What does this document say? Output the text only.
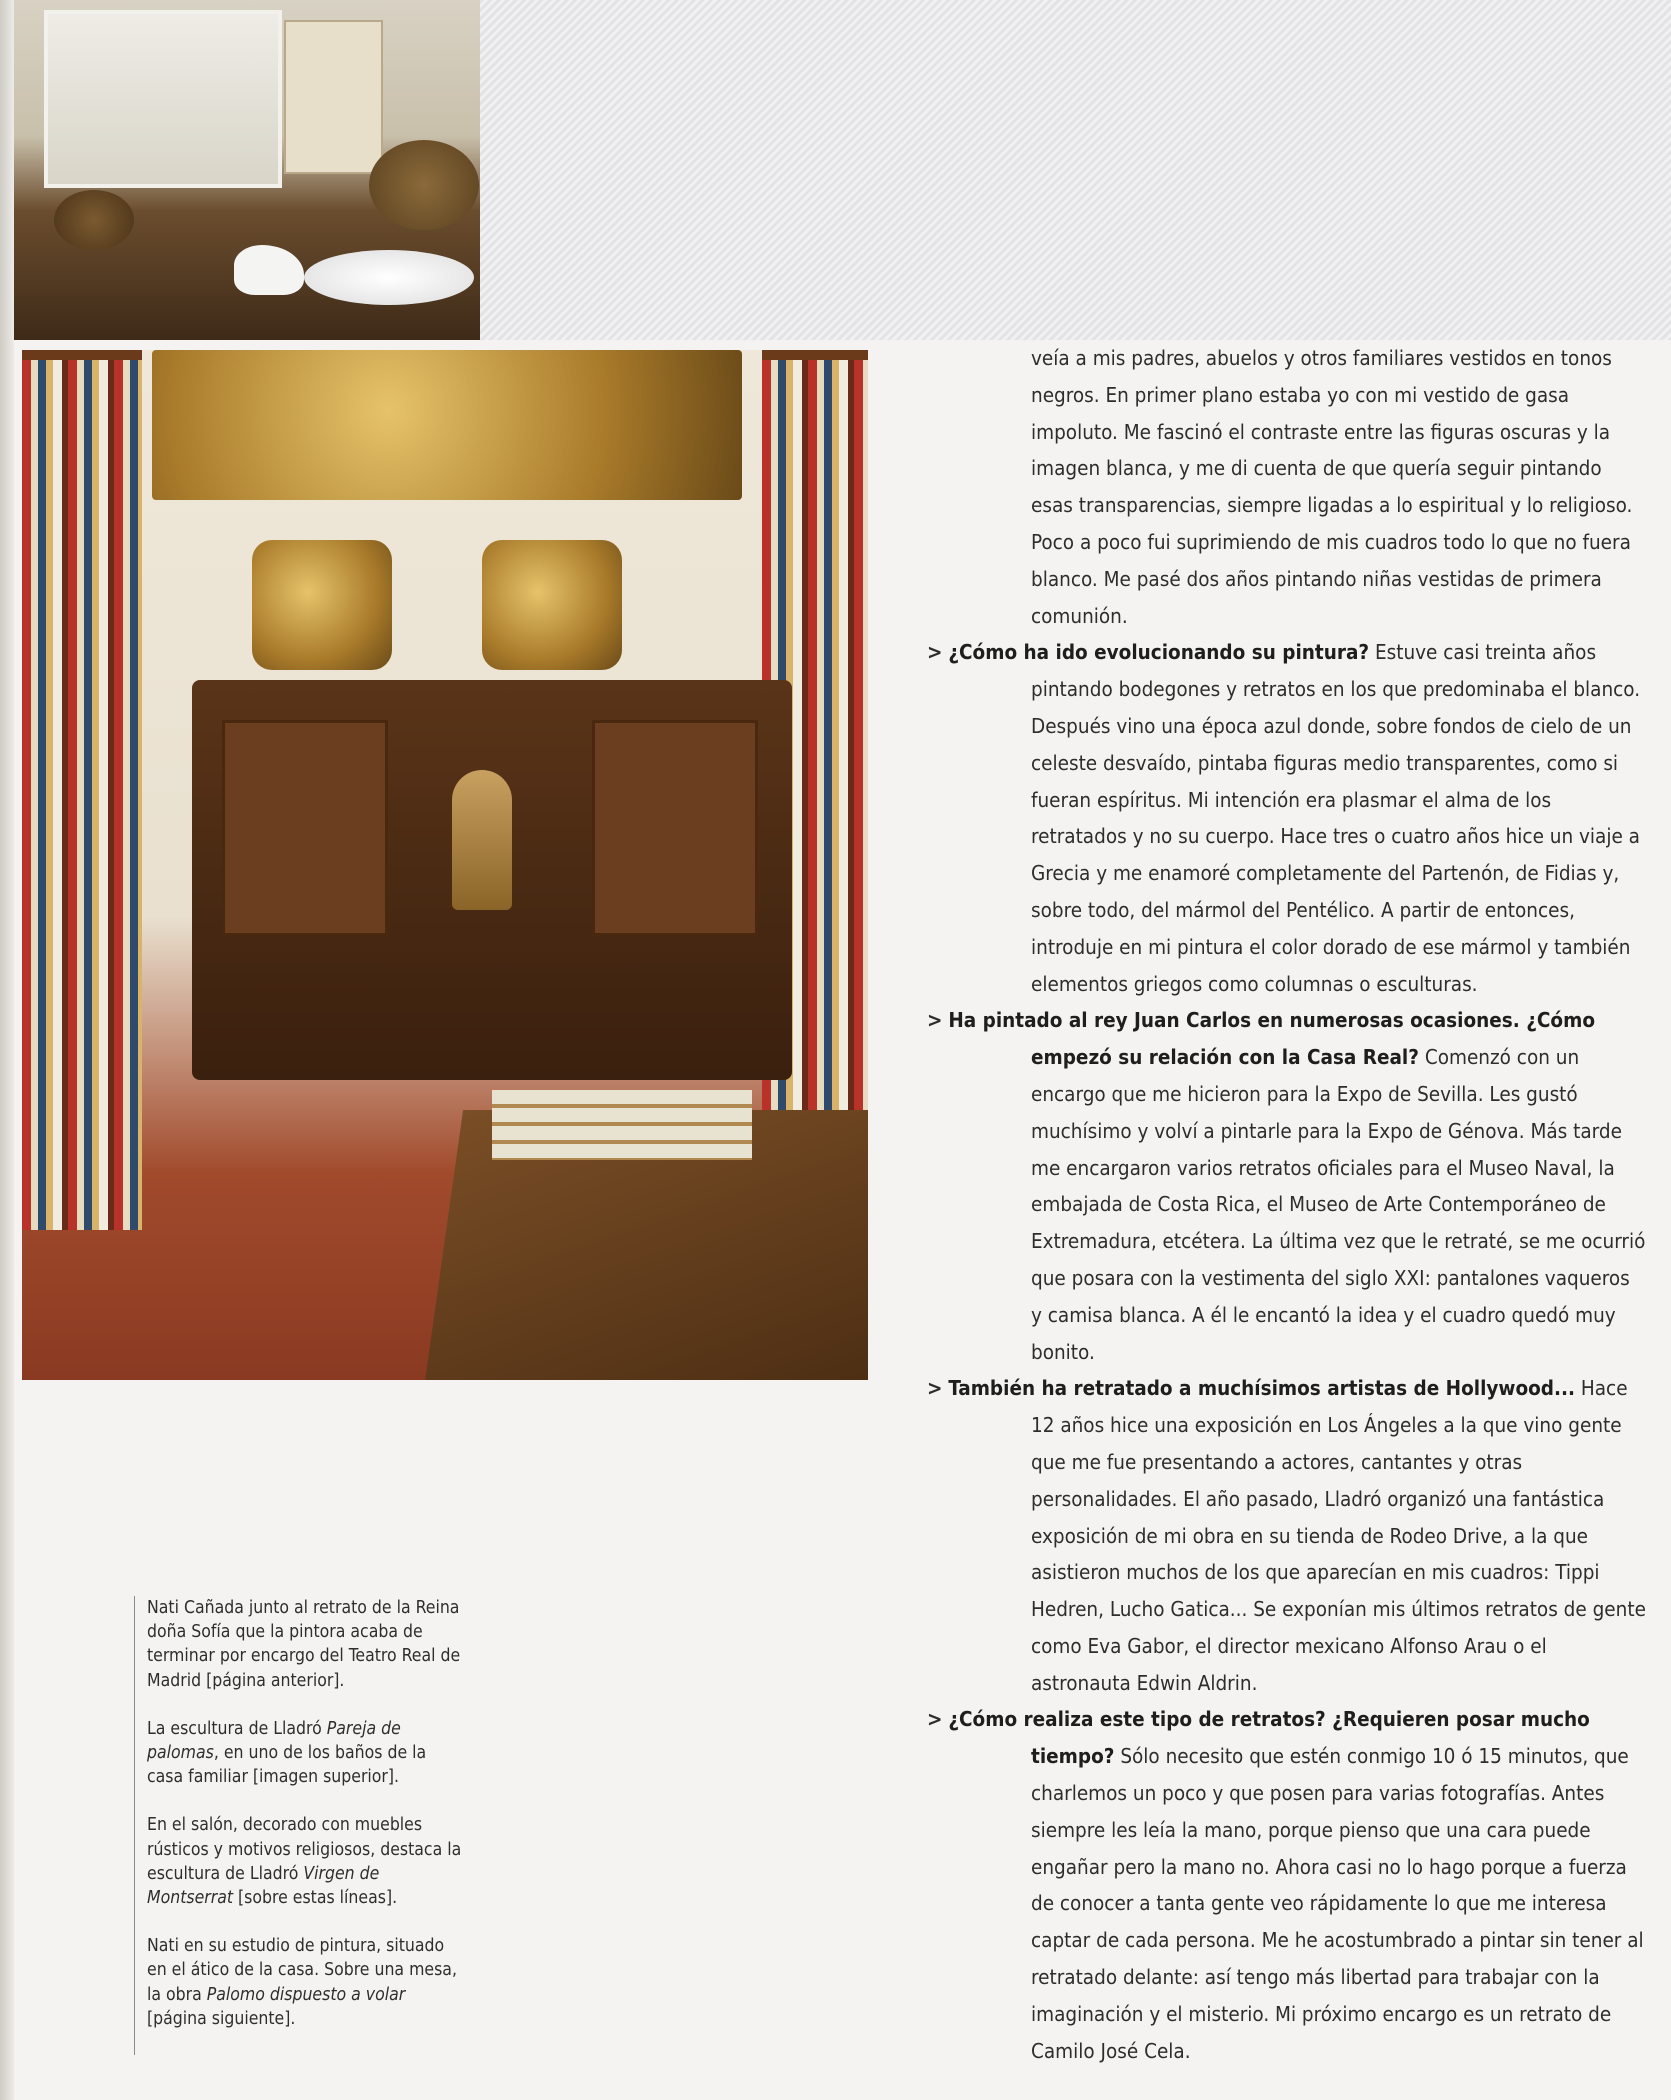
veía a mis padres, abuelos y otros familiares vestidos en tonos negros. En primer plano estaba yo con mi vestido de gasa impoluto. Me fascinó el contraste entre las figuras oscuras y la imagen blanca, y me di cuenta de que quería seguir pintando esas transparencias, siempre ligadas a lo espiritual y lo religioso. Poco a poco fui suprimiendo de mis cuadros todo lo que no fuera blanco. Me pasé dos años pintando niñas vestidas de primera comunión.

> ¿Cómo ha ido evolucionando su pintura? Estuve casi treinta años pintando bodegones y retratos en los que predominaba el blanco. Después vino una época azul donde, sobre fondos de cielo de un celeste desvaído, pintaba figuras medio transparentes, como si fueran espíritus. Mi intención era plasmar el alma de los retratados y no su cuerpo. Hace tres o cuatro años hice un viaje a Grecia y me enamoré completamente del Partenón, de Fidias y, sobre todo, del mármol del Pentélico. A partir de entonces, introduje en mi pintura el color dorado de ese mármol y también elementos griegos como columnas o esculturas.

> Ha pintado al rey Juan Carlos en numerosas ocasiones. ¿Cómo empezó su relación con la Casa Real? Comenzó con un encargo que me hicieron para la Expo de Sevilla. Les gustó muchísimo y volví a pintarle para la Expo de Génova. Más tarde me encargaron varios retratos oficiales para el Museo Naval, la embajada de Costa Rica, el Museo de Arte Contemporáneo de Extremadura, etcétera. La última vez que le retraté, se me ocurrió que posara con la vestimenta del siglo XXI: pantalones vaqueros y camisa blanca. A él le encantó la idea y el cuadro quedó muy bonito.

> También ha retratado a muchísimos artistas de Hollywood... Hace 12 años hice una exposición en Los Ángeles a la que vino gente que me fue presentando a actores, cantantes y otras personalidades. El año pasado, Lladró organizó una fantástica exposición de mi obra en su tienda de Rodeo Drive, a la que asistieron muchos de los que aparecían en mis cuadros: Tippi Hedren, Lucho Gatica... Se exponían mis últimos retratos de gente como Eva Gabor, el director mexicano Alfonso Arau o el astronauta Edwin Aldrin.

> ¿Cómo realiza este tipo de retratos? ¿Requieren posar mucho tiempo? Sólo necesito que estén conmigo 10 ó 15 minutos, que charlemos un poco y que posen para varias fotografías. Antes siempre les leía la mano, porque pienso que una cara puede engañar pero la mano no. Ahora casi no lo hago porque a fuerza de conocer a tanta gente veo rápidamente lo que me interesa captar de cada persona. Me he acostumbrado a pintar sin tener al retratado delante: así tengo más libertad para trabajar con la imaginación y el misterio. Mi próximo encargo es un retrato de Camilo José Cela.

Nati Cañada junto al retrato de la Reina doña Sofía que la pintora acaba de terminar por encargo del Teatro Real de Madrid [página anterior].

La escultura de Lladró Pareja de palomas, en uno de los baños de la casa familiar [imagen superior].

En el salón, decorado con muebles rústicos y motivos religiosos, destaca la escultura de Lladró Virgen de Montserrat [sobre estas líneas].

Nati en su estudio de pintura, situado en el ático de la casa. Sobre una mesa, la obra Palomo dispuesto a volar [página siguiente].
